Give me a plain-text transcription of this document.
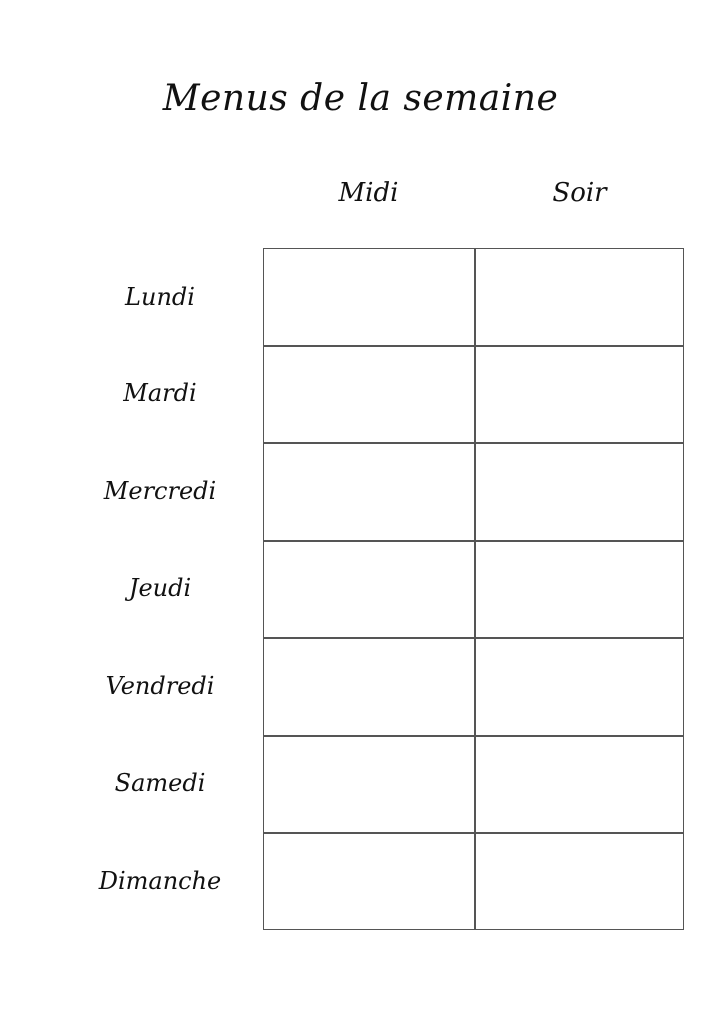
Menus de la semaine
Midi	Soir
Lundi
Mardi
Mercredi
Jeudi
Vendredi
Samedi
Dimanche
